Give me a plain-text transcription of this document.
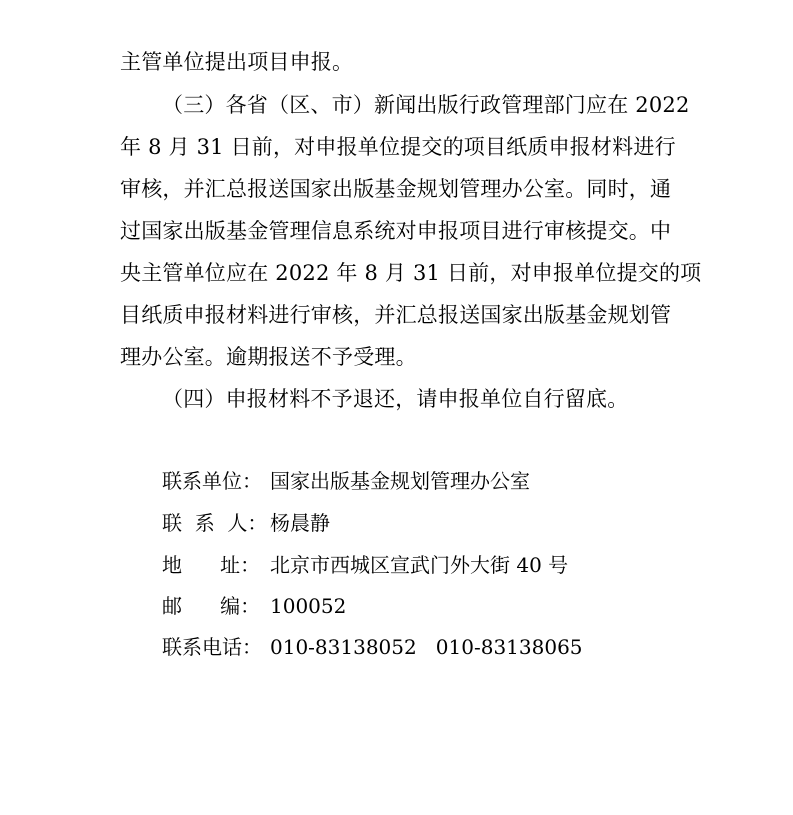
主管单位提出项目申报。
（三）各省（区、市）新闻出版行政管理部门应在 2022
年 8 月 31 日前，对申报单位提交的项目纸质申报材料进行
审核，并汇总报送国家出版基金规划管理办公室。同时，通
过国家出版基金管理信息系统对申报项目进行审核提交。中
央主管单位应在 2022 年 8 月 31 日前，对申报单位提交的项
目纸质申报材料进行审核，并汇总报送国家出版基金规划管
理办公室。逾期报送不予受理。
（四）申报材料不予退还，请申报单位自行留底。
联系单位： 国家出版基金规划管理办公室
联  系  人： 杨晨静
地      址： 北京市西城区宣武门外大街 40 号
邮      编： 100052
联系电话： 010-83138052   010-83138065
